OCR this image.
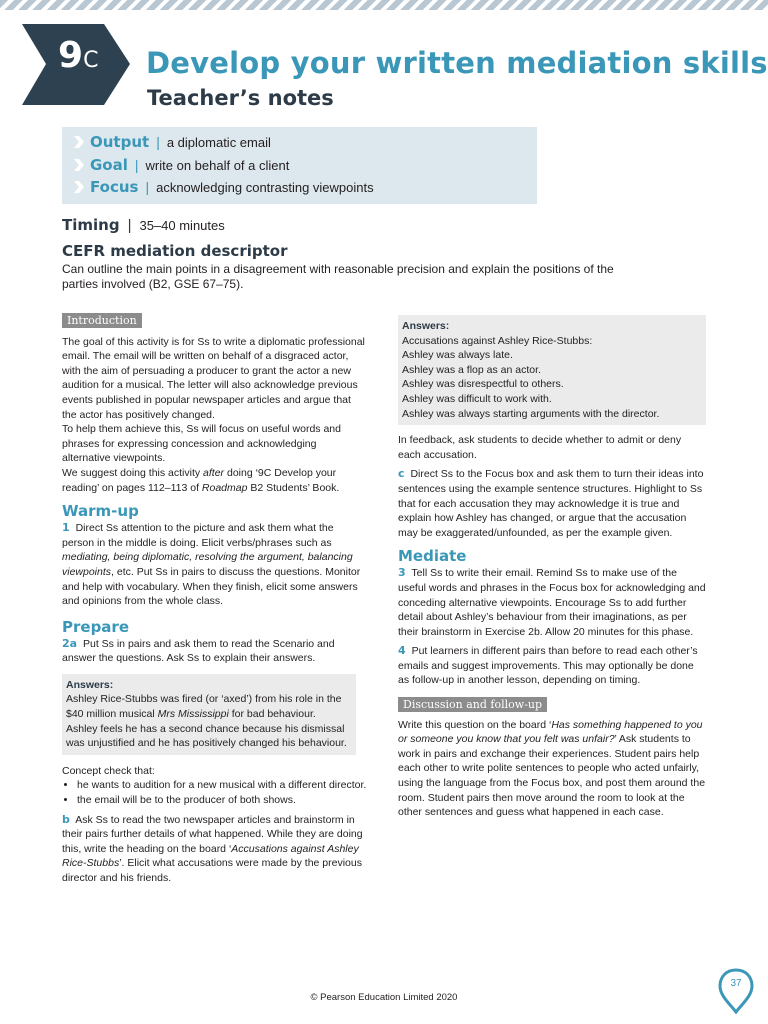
9C Develop your written mediation skills
Teacher’s notes
Output | a diplomatic email
Goal | write on behalf of a client
Focus | acknowledging contrasting viewpoints
Timing | 35–40 minutes
CEFR mediation descriptor

Can outline the main points in a disagreement with reasonable precision and explain the positions of the parties involved (B2, GSE 67–75).

Introduction

The goal of this activity is for Ss to write a diplomatic professional email. The email will be written on behalf of a disgraced actor, with the aim of persuading a producer to grant the actor a new audition for a musical. The letter will also acknowledge previous events published in popular newspaper articles and argue that the actor has positively changed.

To help them achieve this, Ss will focus on useful words and phrases for expressing concession and acknowledging alternative viewpoints.

We suggest doing this activity after doing ‘9C Develop your reading’ on pages 112–113 of Roadmap B2 Students’ Book.

Warm-up

1 Direct Ss attention to the picture and ask them what the person in the middle is doing. Elicit verbs/phrases such as mediating, being diplomatic, resolving the argument, balancing viewpoints, etc. Put Ss in pairs to discuss the questions. Monitor and help with vocabulary. When they finish, elicit some answers and opinions from the whole class.

Prepare

2a Put Ss in pairs and ask them to read the Scenario and answer the questions. Ask Ss to explain their answers.

Answers:

Ashley Rice-Stubbs was fired (or ‘axed’) from his role in the $40 million musical Mrs Mississippi for bad behaviour.

Ashley feels he has a second chance because his dismissal was unjustified and he has positively changed his behaviour.

Concept check that:

• he wants to audition for a new musical with a different director.
• the email will be to the producer of both shows.

b Ask Ss to read the two newspaper articles and brainstorm in their pairs further details of what happened. While they are doing this, write the heading on the board ‘Accusations against Ashley Rice-Stubbs’. Elicit what accusations were made by the previous director and his friends.

Answers:

Accusations against Ashley Rice-Stubbs:

Ashley was always late.

Ashley was a flop as an actor.

Ashley was disrespectful to others.

Ashley was difficult to work with.

Ashley was always starting arguments with the director.

In feedback, ask students to decide whether to admit or deny each accusation.

c Direct Ss to the Focus box and ask them to turn their ideas into sentences using the example sentence structures. Highlight to Ss that for each accusation they may acknowledge it is true and explain how Ashley has changed, or argue that the accusation may be exaggerated/unfounded, as per the example given.

Mediate

3 Tell Ss to write their email. Remind Ss to make use of the useful words and phrases in the Focus box for acknowledging and conceding alternative viewpoints. Encourage Ss to add further detail about Ashley’s behaviour from their imaginations, as per their brainstorm in Exercise 2b. Allow 20 minutes for this phase.

4 Put learners in different pairs than before to read each other’s emails and suggest improvements. This may optionally be done as follow-up in another lesson, depending on timing.

Discussion and follow-up

Write this question on the board ‘Has something happened to you or someone you know that you felt was unfair?’ Ask students to work in pairs and exchange their experiences. Student pairs help each other to write polite sentences to people who acted unfairly, using the language from the Focus box, and post them around the room. Student pairs then move around the room to look at the other sentences and guess what happened in each case.

37
© Pearson Education Limited 2020
